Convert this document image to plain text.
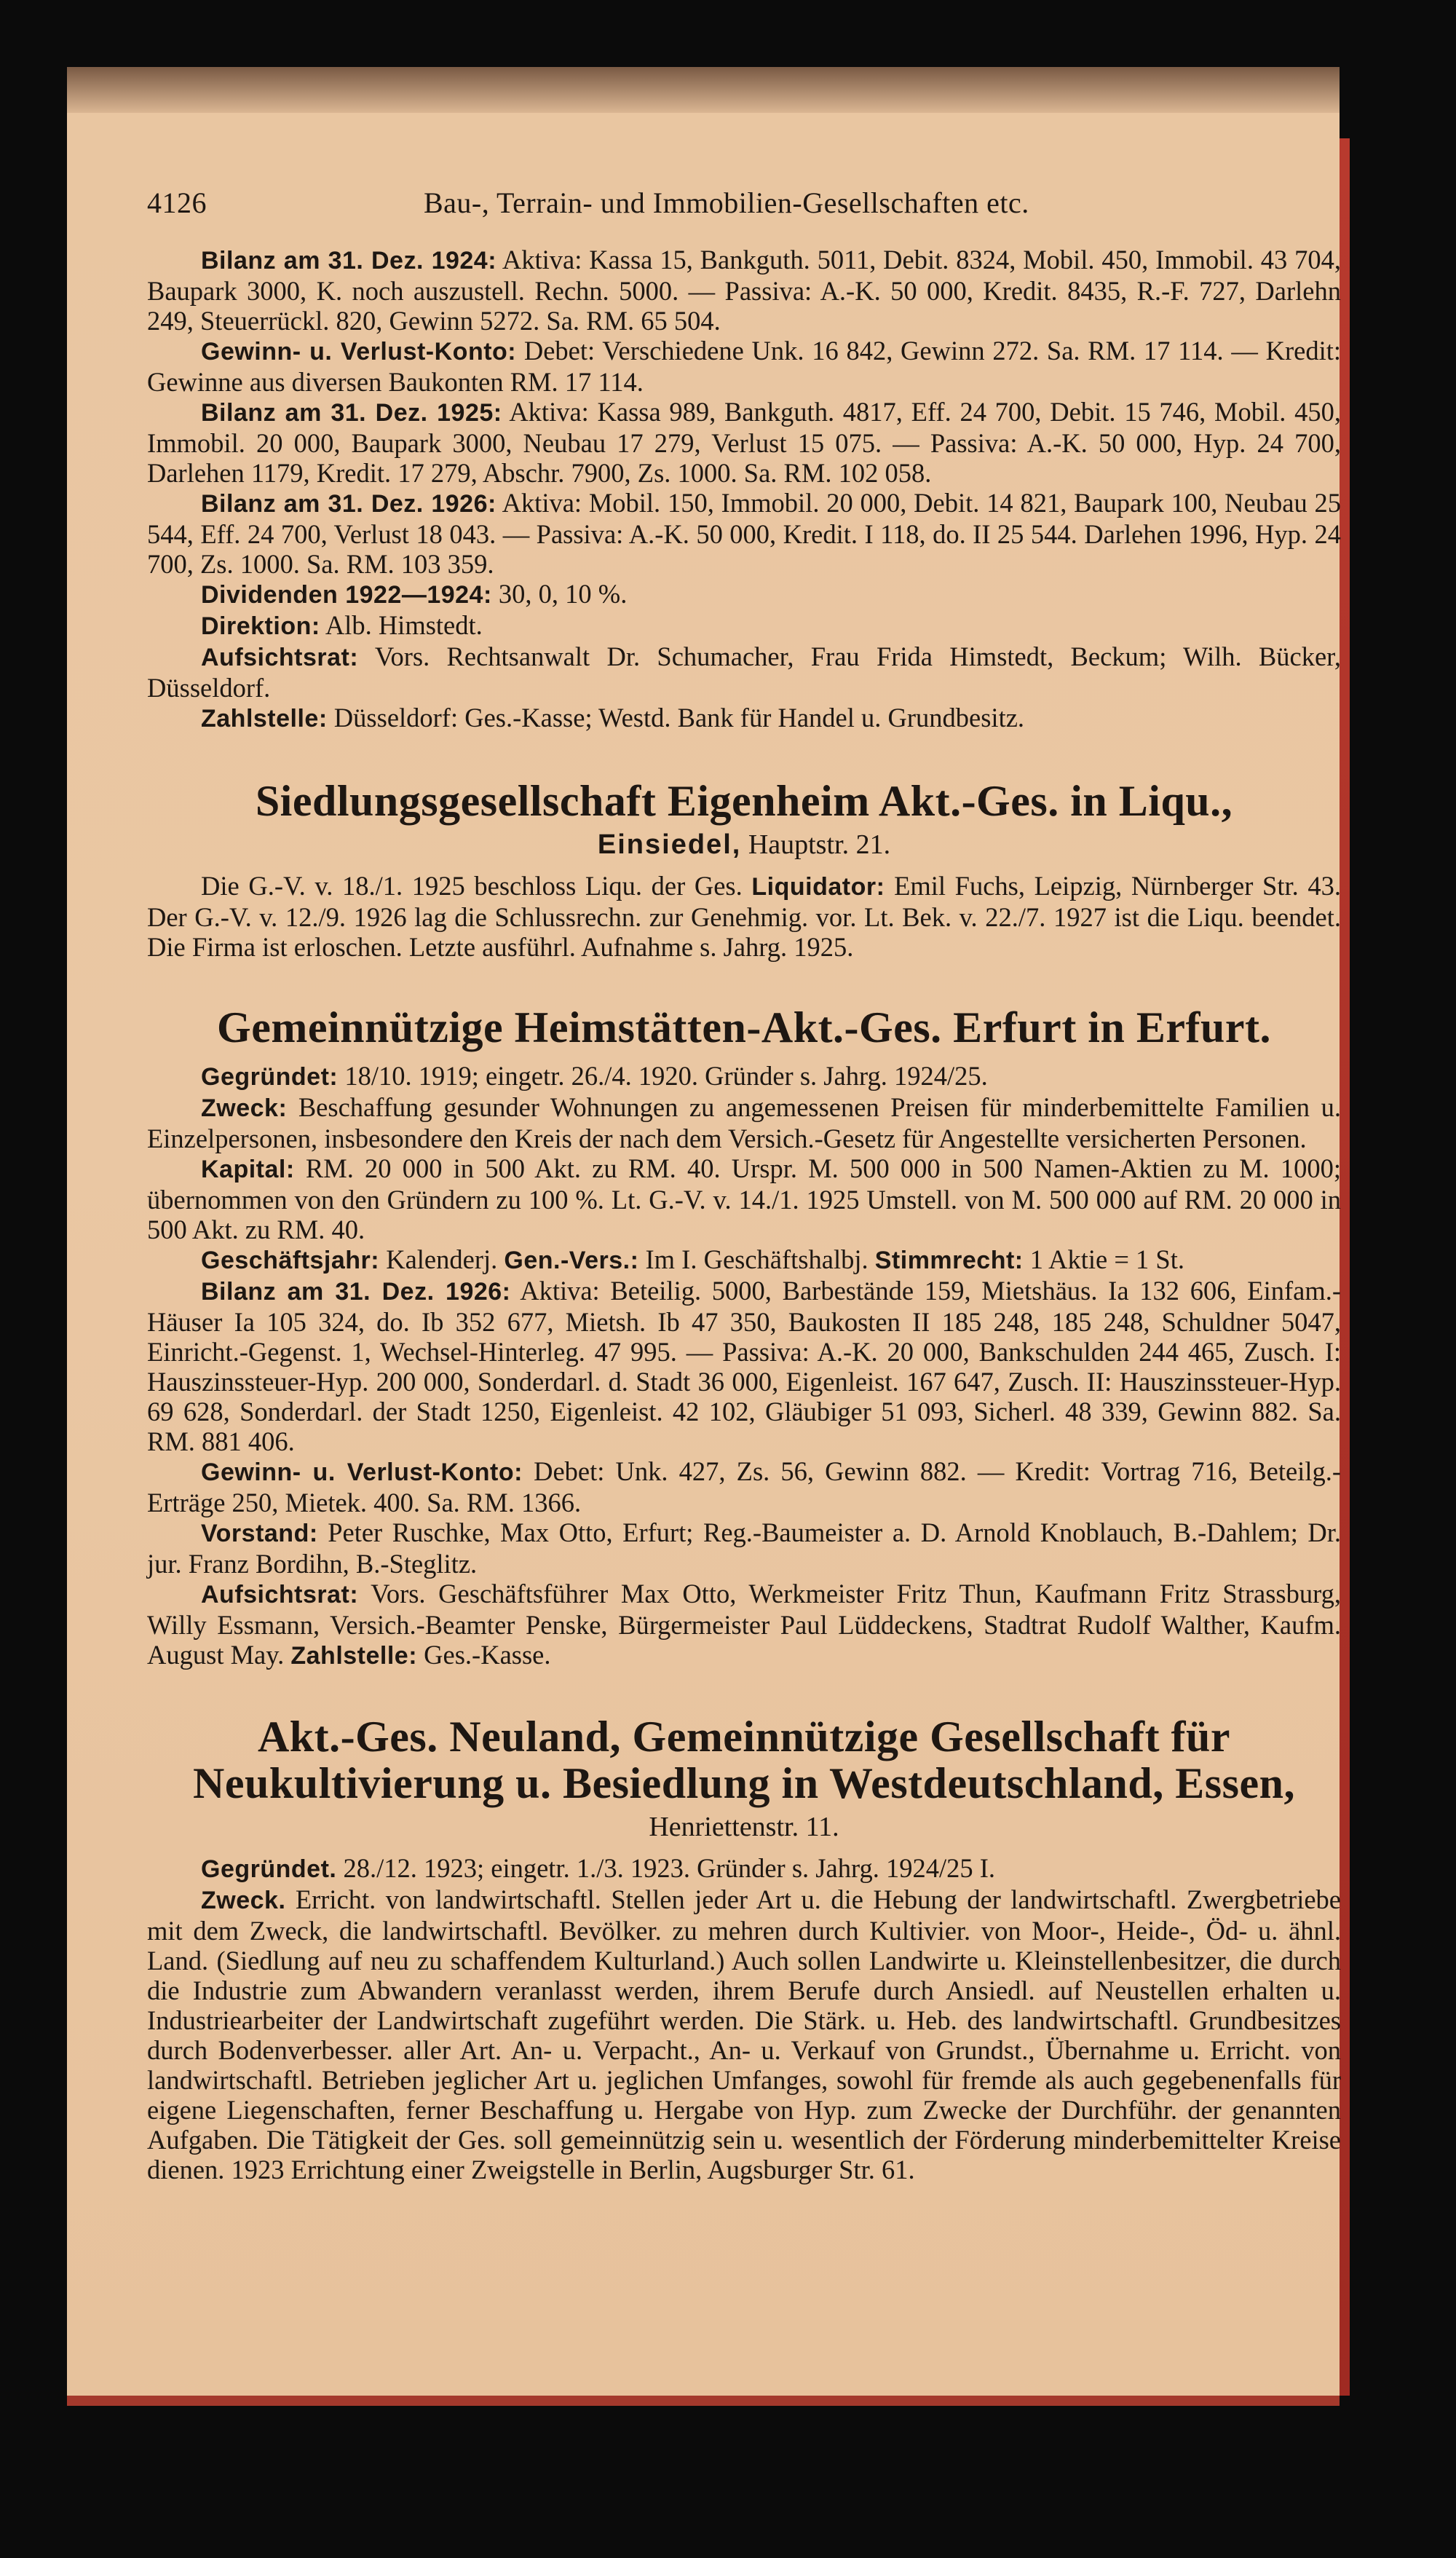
4126	Bau-, Terrain- und Immobilien-Gesellschaften etc.

Bilanz am 31. Dez. 1924: Aktiva: Kassa 15, Bankguth. 5011, Debit. 8324, Mobil. 450, Immobil. 43 704, Baupark 3000, K. noch auszustell. Rechn. 5000. — Passiva: A.-K. 50 000, Kredit. 8435, R.-F. 727, Darlehn 249, Steuerrückl. 820, Gewinn 5272. Sa. RM. 65 504.

Gewinn- u. Verlust-Konto: Debet: Verschiedene Unk. 16 842, Gewinn 272. Sa. RM. 17 114. — Kredit: Gewinne aus diversen Baukonten RM. 17 114.

Bilanz am 31. Dez. 1925: Aktiva: Kassa 989, Bankguth. 4817, Eff. 24 700, Debit. 15 746, Mobil. 450, Immobil. 20 000, Baupark 3000, Neubau 17 279, Verlust 15 075. — Passiva: A.-K. 50 000, Hyp. 24 700, Darlehen 1179, Kredit. 17 279, Abschr. 7900, Zs. 1000. Sa. RM. 102 058.

Bilanz am 31. Dez. 1926: Aktiva: Mobil. 150, Immobil. 20 000, Debit. 14 821, Baupark 100, Neubau 25 544, Eff. 24 700, Verlust 18 043. — Passiva: A.-K. 50 000, Kredit. I 118, do. II 25 544. Darlehen 1996, Hyp. 24 700, Zs. 1000. Sa. RM. 103 359.

Dividenden 1922—1924: 30, 0, 10 %.

Direktion: Alb. Himstedt.

Aufsichtsrat: Vors. Rechtsanwalt Dr. Schumacher, Frau Frida Himstedt, Beckum; Wilh. Bücker, Düsseldorf.

Zahlstelle: Düsseldorf: Ges.-Kasse; Westd. Bank für Handel u. Grundbesitz.

Siedlungsgesellschaft Eigenheim Akt.-Ges. in Liqu.,
Einsiedel, Hauptstr. 21.

Die G.-V. v. 18./1. 1925 beschloss Liqu. der Ges. Liquidator: Emil Fuchs, Leipzig, Nürnberger Str. 43. Der G.-V. v. 12./9. 1926 lag die Schlussrechn. zur Genehmig. vor. Lt. Bek. v. 22./7. 1927 ist die Liqu. beendet. Die Firma ist erloschen. Letzte ausführl. Aufnahme s. Jahrg. 1925.

Gemeinnützige Heimstätten-Akt.-Ges. Erfurt in Erfurt.

Gegründet: 18/10. 1919; eingetr. 26./4. 1920. Gründer s. Jahrg. 1924/25.

Zweck: Beschaffung gesunder Wohnungen zu angemessenen Preisen für minderbemittelte Familien u. Einzelpersonen, insbesondere den Kreis der nach dem Versich.-Gesetz für Angestellte versicherten Personen.

Kapital: RM. 20 000 in 500 Akt. zu RM. 40. Urspr. M. 500 000 in 500 Namen-Aktien zu M. 1000; übernommen von den Gründern zu 100 %. Lt. G.-V. v. 14./1. 1925 Umstell. von M. 500 000 auf RM. 20 000 in 500 Akt. zu RM. 40.

Geschäftsjahr: Kalenderj. Gen.-Vers.: Im I. Geschäftshalbj. Stimmrecht: 1 Aktie = 1 St.

Bilanz am 31. Dez. 1926: Aktiva: Beteilig. 5000, Barbestände 159, Mietshäus. Ia 132 606, Einfam.-Häuser Ia 105 324, do. Ib 352 677, Mietsh. Ib 47 350, Baukosten II 185 248, 185 248, Schuldner 5047, Einricht.-Gegenst. 1, Wechsel-Hinterleg. 47 995. — Passiva: A.-K. 20 000, Bankschulden 244 465, Zusch. I: Hauszinssteuer-Hyp. 200 000, Sonderdarl. d. Stadt 36 000, Eigenleist. 167 647, Zusch. II: Hauszinssteuer-Hyp. 69 628, Sonderdarl. der Stadt 1250, Eigenleist. 42 102, Gläubiger 51 093, Sicherl. 48 339, Gewinn 882. Sa. RM. 881 406.

Gewinn- u. Verlust-Konto: Debet: Unk. 427, Zs. 56, Gewinn 882. — Kredit: Vortrag 716, Beteilg.-Erträge 250, Mietek. 400. Sa. RM. 1366.

Vorstand: Peter Ruschke, Max Otto, Erfurt; Reg.-Baumeister a. D. Arnold Knoblauch, B.-Dahlem; Dr. jur. Franz Bordihn, B.-Steglitz.

Aufsichtsrat: Vors. Geschäftsführer Max Otto, Werkmeister Fritz Thun, Kaufmann Fritz Strassburg, Willy Essmann, Versich.-Beamter Penske, Bürgermeister Paul Lüddeckens, Stadtrat Rudolf Walther, Kaufm. August May. Zahlstelle: Ges.-Kasse.

Akt.-Ges. Neuland, Gemeinnützige Gesellschaft für
Neukultivierung u. Besiedlung in Westdeutschland, Essen,
Henriettenstr. 11.

Gegründet. 28./12. 1923; eingetr. 1./3. 1923. Gründer s. Jahrg. 1924/25 I.

Zweck. Erricht. von landwirtschaftl. Stellen jeder Art u. die Hebung der landwirtschaftl. Zwergbetriebe mit dem Zweck, die landwirtschaftl. Bevölker. zu mehren durch Kultivier. von Moor-, Heide-, Öd- u. ähnl. Land. (Siedlung auf neu zu schaffendem Kulturland.) Auch sollen Landwirte u. Kleinstellenbesitzer, die durch die Industrie zum Abwandern veranlasst werden, ihrem Berufe durch Ansiedl. auf Neustellen erhalten u. Industriearbeiter der Landwirtschaft zugeführt werden. Die Stärk. u. Heb. des landwirtschaftl. Grundbesitzes durch Bodenverbesser. aller Art. An- u. Verpacht., An- u. Verkauf von Grundst., Übernahme u. Erricht. von landwirtschaftl. Betrieben jeglicher Art u. jeglichen Umfanges, sowohl für fremde als auch gegebenenfalls für eigene Liegenschaften, ferner Beschaffung u. Hergabe von Hyp. zum Zwecke der Durchführ. der genannten Aufgaben. Die Tätigkeit der Ges. soll gemeinnützig sein u. wesentlich der Förderung minderbemittelter Kreise dienen. 1923 Errichtung einer Zweigstelle in Berlin, Augsburger Str. 61.
